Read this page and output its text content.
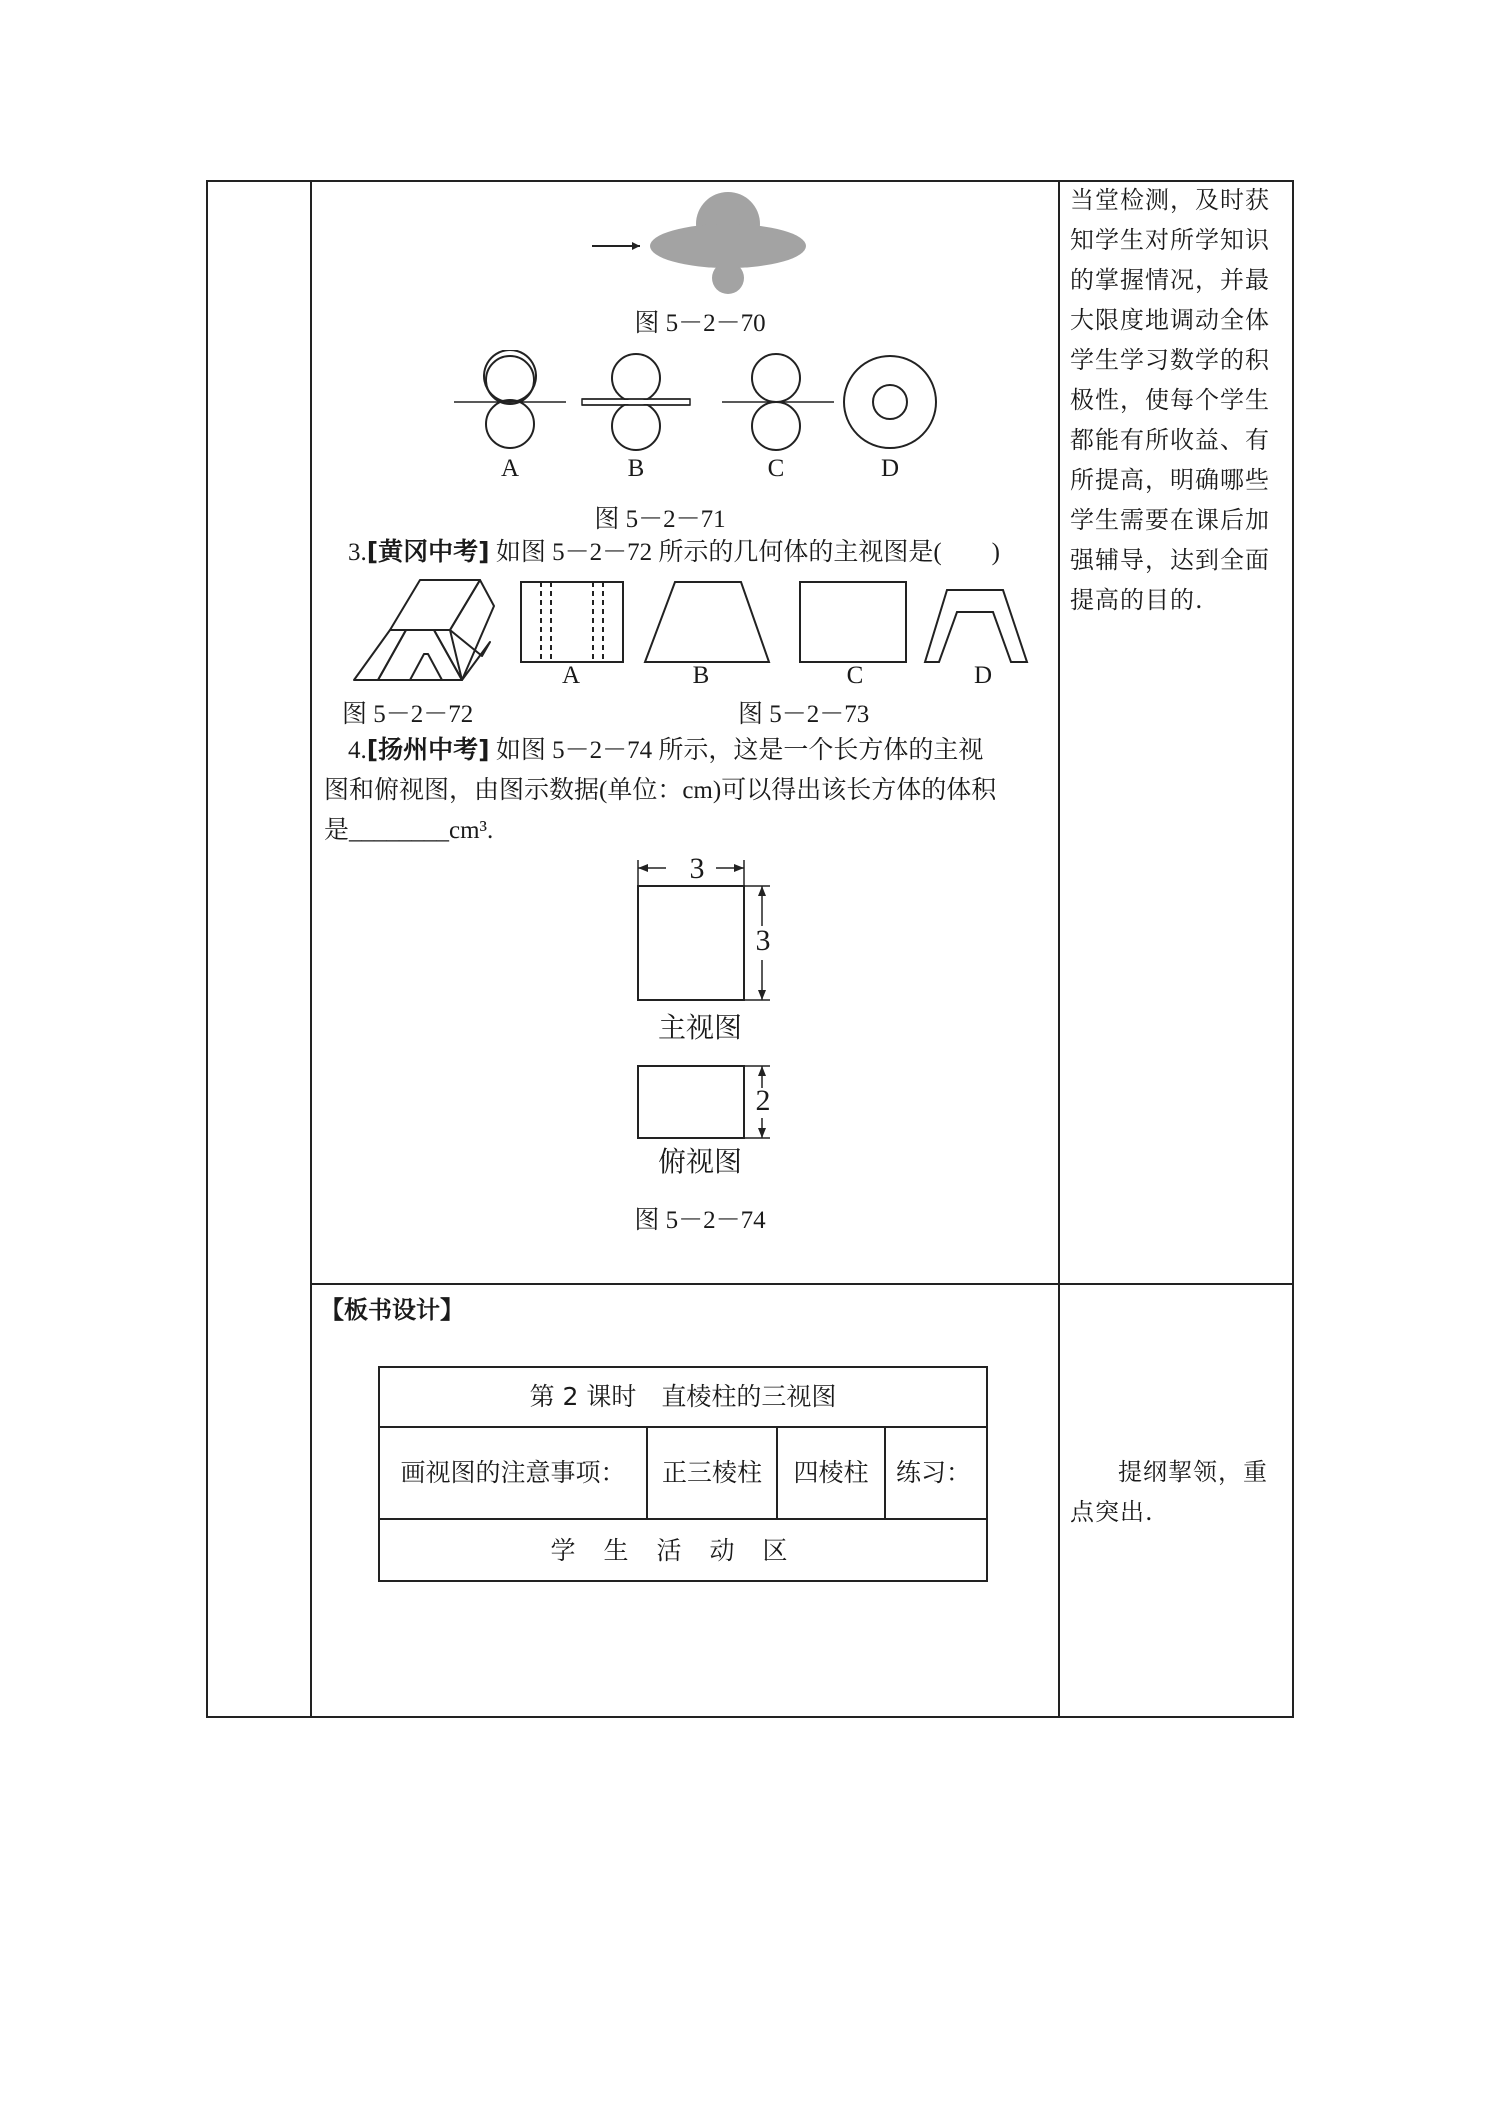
图 5－2－70
A	B	C	D
图 5－2－71
3.[黄冈中考] 如图 5－2－72 所示的几何体的主视图是(　　)
A	B	C	D
图 5－2－72	图 5－2－73
4.[扬州中考] 如图 5－2－74 所示，这是一个长方体的主视
图和俯视图，由图示数据(单位：cm)可以得出该长方体的体积
是________cm³.
3
3
主视图
2
俯视图
图 5－2－74
当堂检测，及时获知学生对所学知识的掌握情况，并最大限度地调动全体学生学习数学的积极性，使每个学生都能有所收益、有所提高，明确哪些学生需要在课后加强辅导，达到全面提高的目的.
【板书设计】
第 2 课时　直棱柱的三视图
画视图的注意事项：	正三棱柱	四棱柱	练习：
学生活动区
提纲挈领，重点突出.
